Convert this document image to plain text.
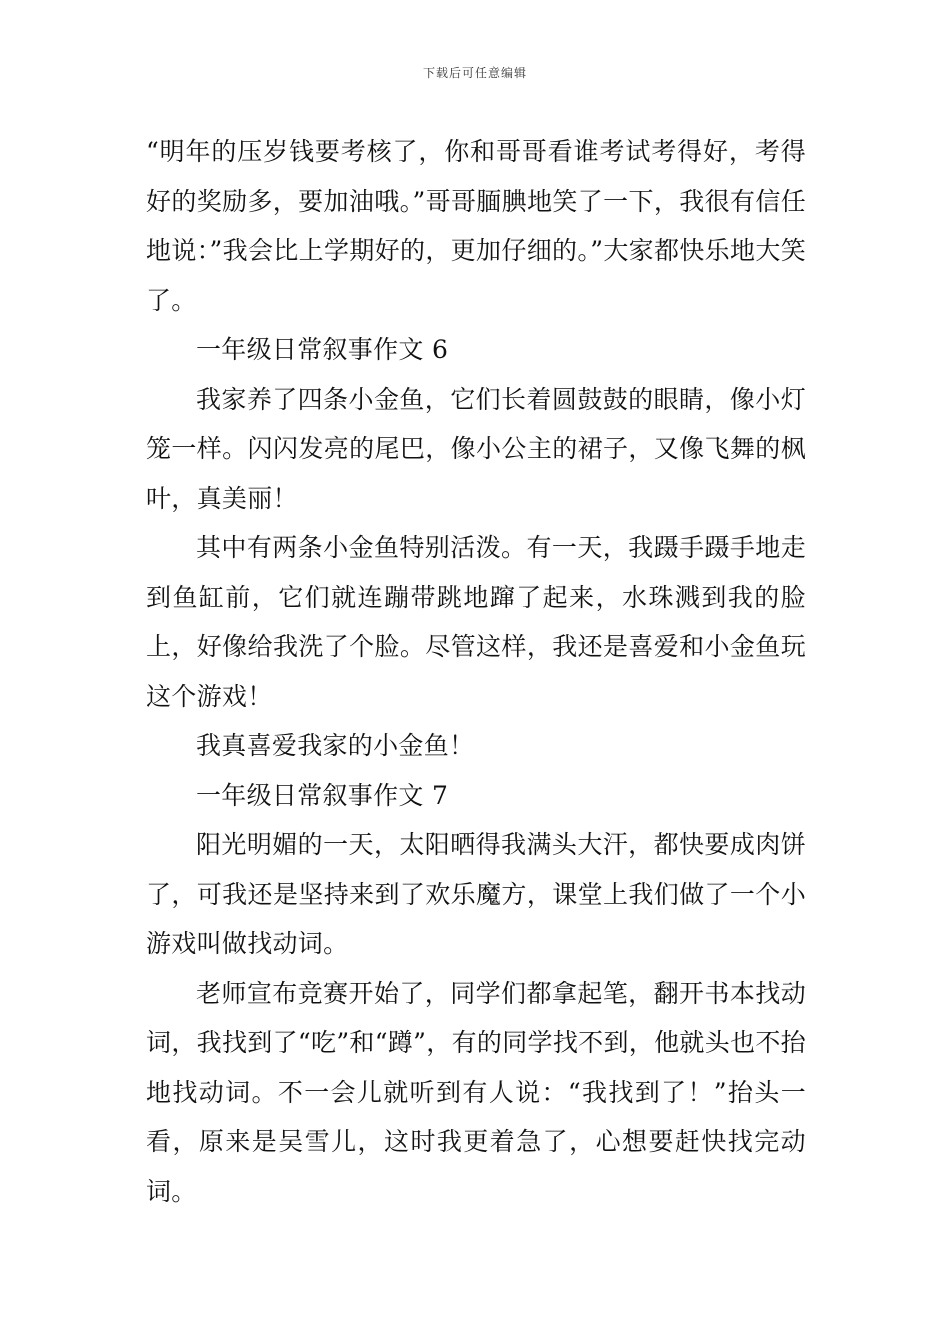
下载后可任意编辑

“明年的压岁钱要考核了，你和哥哥看谁考试考得好，考得好的奖励多，要加油哦。”哥哥腼腆地笑了一下，我很有信任地说：”我会比上学期好的，更加仔细的。”大家都快乐地大笑了。

一年级日常叙事作文 6

我家养了四条小金鱼，它们长着圆鼓鼓的眼睛，像小灯笼一样。闪闪发亮的尾巴，像小公主的裙子，又像飞舞的枫叶，真美丽！

其中有两条小金鱼特别活泼。有一天，我蹑手蹑手地走到鱼缸前，它们就连蹦带跳地蹿了起来，水珠溅到我的脸上，好像给我洗了个脸。尽管这样，我还是喜爱和小金鱼玩这个游戏！

我真喜爱我家的小金鱼！

一年级日常叙事作文 7

阳光明媚的一天，太阳晒得我满头大汗，都快要成肉饼了，可我还是坚持来到了欢乐魔方，课堂上我们做了一个小游戏叫做找动词。

老师宣布竞赛开始了，同学们都拿起笔，翻开书本找动词，我找到了“吃”和“蹲”，有的同学找不到，他就头也不抬地找动词。不一会儿就听到有人说：“我找到了！”抬头一看，原来是吴雪儿，这时我更着急了，心想要赶快找完动词。
